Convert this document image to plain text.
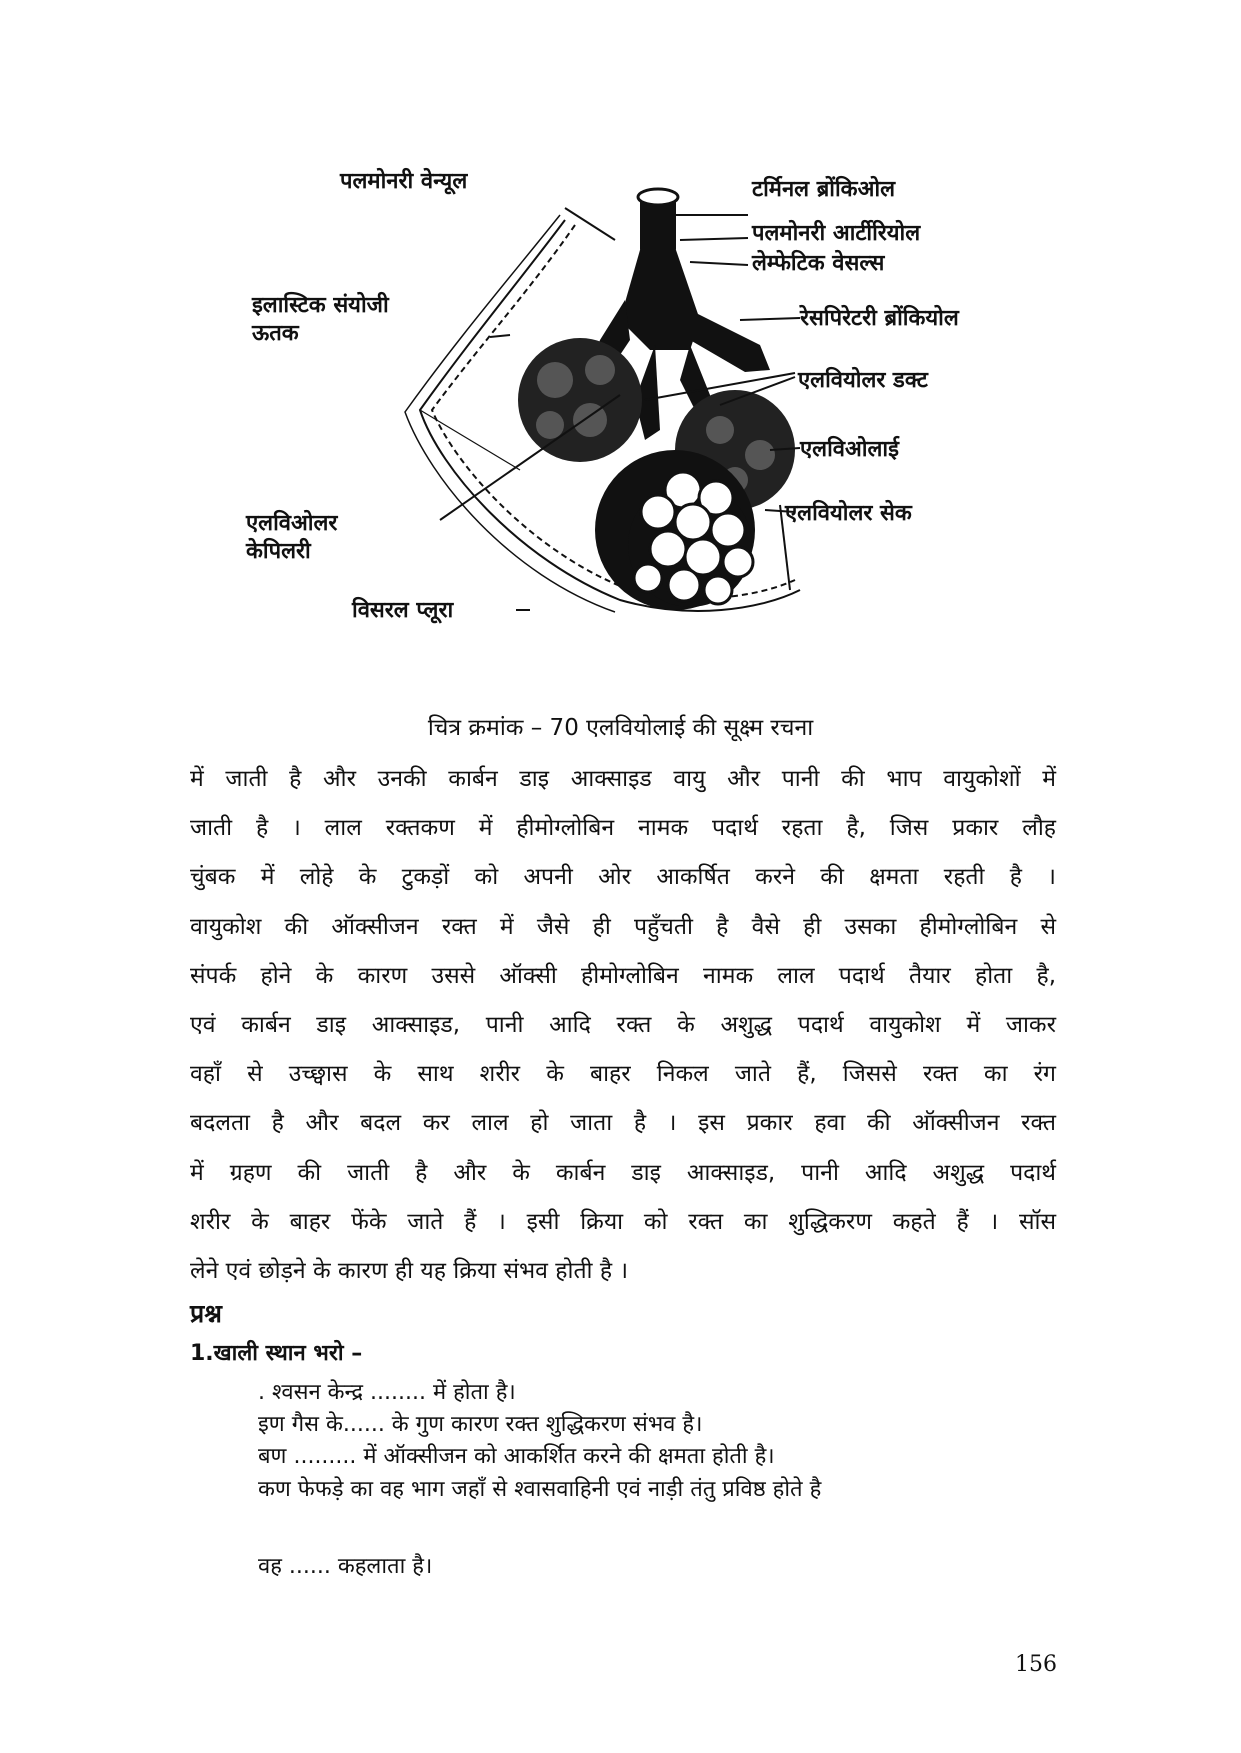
पलमोनरी वेन्यूल
इलास्टिक संयोजी
ऊतक
एलविओलर
केपिलरी
विसरल प्लूरा
टर्मिनल ब्रोंकिओल
पलमोनरी आर्टीरियोल
लेम्फेटिक वेसल्स
रेसपिरेटरी ब्रोंकियोल
एलवियोलर डक्ट
एलविओलाई
एलवियोलर सेक
चित्र क्रमांक – 70 एलवियोलाई की सूक्ष्म रचना
में जाती है और उनकी कार्बन डाइ आक्साइड वायु और पानी की भाप वायुकोशों में
जाती है । लाल रक्तकण में हीमोग्लोबिन नामक पदार्थ रहता है, जिस प्रकार लौह
चुंबक में लोहे के टुकड़ों को अपनी ओर आकर्षित करने की क्षमता रहती है ।
वायुकोश की ऑक्सीजन रक्त में जैसे ही पहुँचती है वैसे ही उसका हीमोग्लोबिन से
संपर्क होने के कारण उससे ऑक्सी हीमोग्लोबिन नामक लाल पदार्थ तैयार होता है,
एवं कार्बन डाइ आक्साइड, पानी आदि रक्त के अशुद्ध पदार्थ वायुकोश में जाकर
वहाँ से उच्छ्वास के साथ शरीर के बाहर निकल जाते हैं, जिससे रक्त का रंग
बदलता है और बदल कर लाल हो जाता है । इस प्रकार हवा की ऑक्सीजन रक्त
में ग्रहण की जाती है और के कार्बन डाइ आक्साइड, पानी आदि अशुद्ध पदार्थ
शरीर के बाहर फेंके जाते हैं । इसी क्रिया को रक्त का शुद्धिकरण कहते हैं । सॉस
लेने एवं छोड़ने के कारण ही यह क्रिया संभव होती है ।
प्रश्न
1.खाली स्थान भरो –
. श्वसन केन्द्र ........ में होता है।
इण गैस के...... के गुण कारण रक्त शुद्धिकरण संभव है।
बण ......... में ऑक्सीजन को आकर्शित करने की क्षमता होती है।
कण फेफड़े का वह भाग जहाँ से श्वासवाहिनी एवं नाड़ी तंतु प्रविष्ठ होते है
वह ...... कहलाता है।
156
